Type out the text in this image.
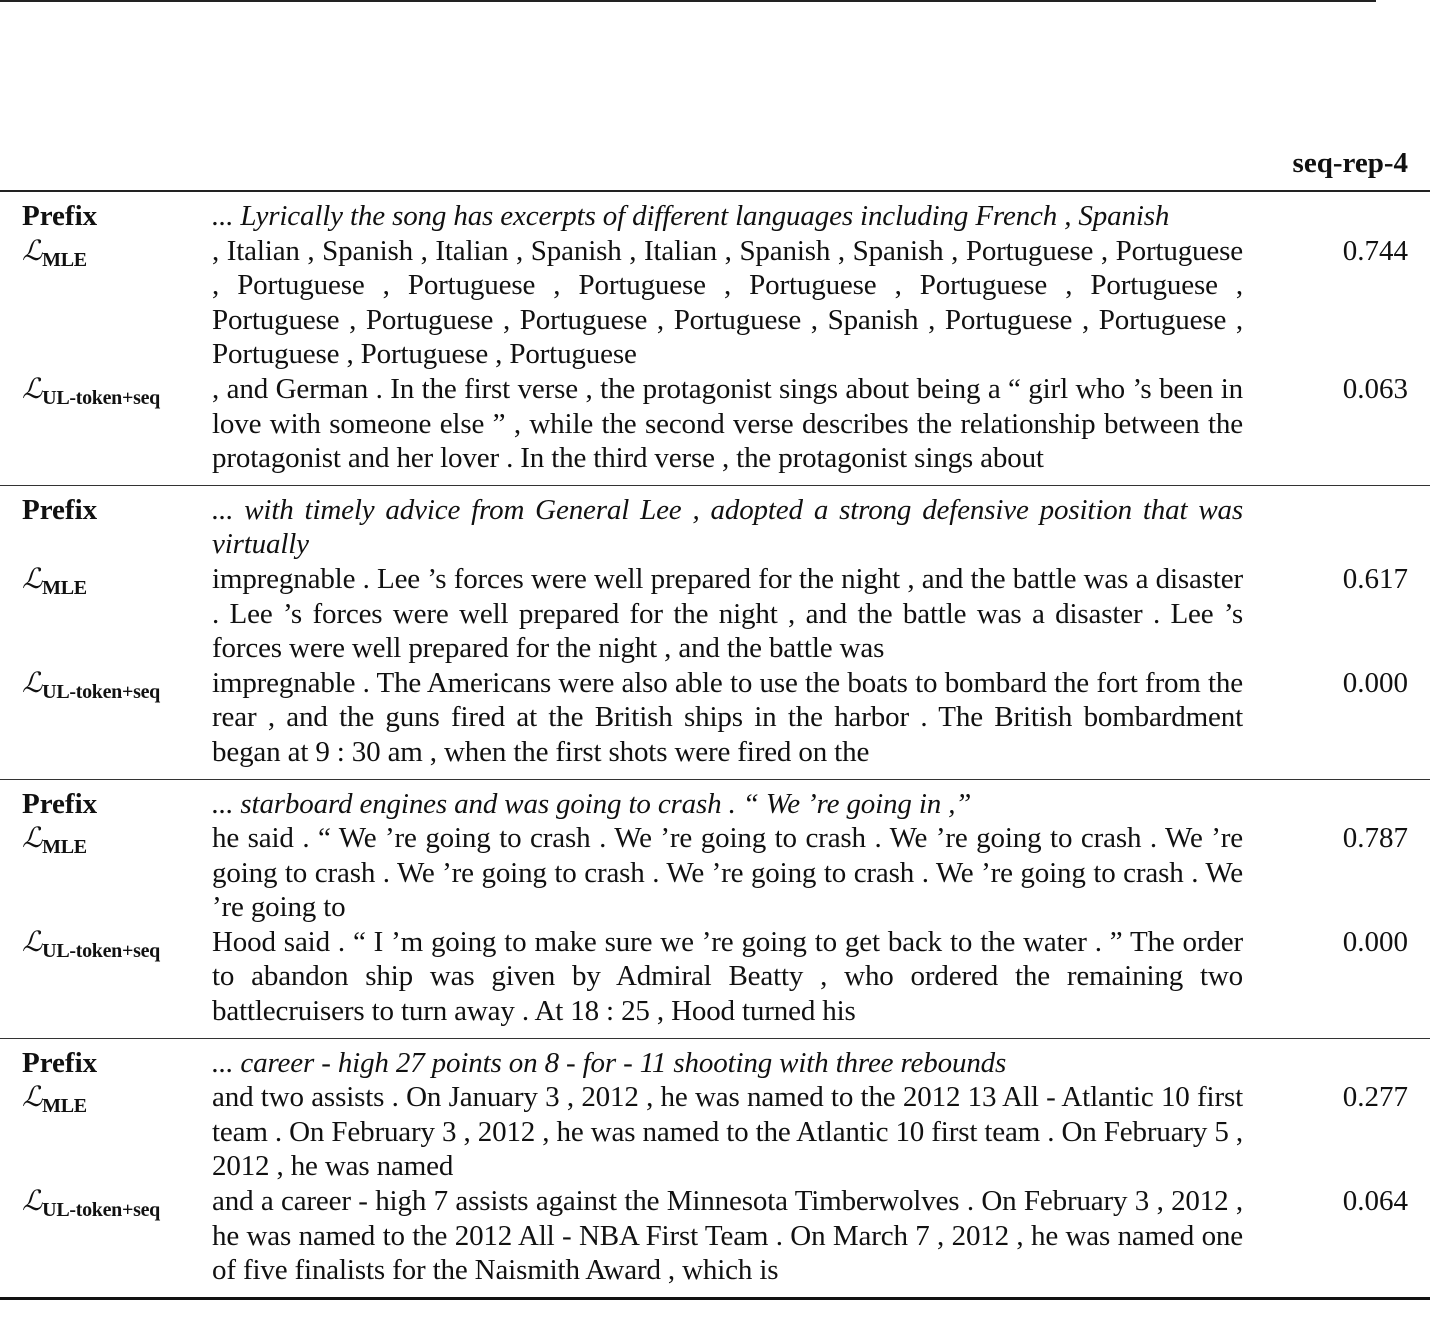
seq-rep-4
Prefix	... Lyrically the song has excerpts of different languages including French , Spanish
ℒ$_{MLE}$	, Italian , Spanish , Italian , Spanish , Italian , Spanish , Spanish , Portuguese , Portuguese , Portuguese , Portuguese , Portuguese , Portuguese , Portuguese , Portuguese , Portuguese , Portuguese , Portuguese , Portuguese , Spanish , Portuguese , Portuguese , Portuguese , Portuguese , Portuguese
0.744
ℒ$_{UL-token+seq}$	, and German . In the first verse , the protagonist sings about being a “ girl who ’s been in love with someone else ” , while the second verse describes the relationship between the protagonist and her lover . In the third verse , the protagonist sings about
0.063
Prefix	... with timely advice from General Lee , adopted a strong defensive position that was virtually
ℒ$_{MLE}$	impregnable . Lee ’s forces were well prepared for the night , and the battle was a disaster . Lee ’s forces were well prepared for the night , and the battle was a disaster . Lee ’s forces were well prepared for the night , and the battle was
0.617
ℒ$_{UL-token+seq}$	impregnable . The Americans were also able to use the boats to bombard the fort from the rear , and the guns fired at the British ships in the harbor . The British bombardment began at 9 : 30 am , when the first shots were fired on the
0.000
Prefix	... starboard engines and was going to crash . “ We ’re going in ,”
ℒ$_{MLE}$	he said . “ We ’re going to crash . We ’re going to crash . We ’re going to crash . We ’re going to crash . We ’re going to crash . We ’re going to crash . We ’re going to crash . We ’re going to
0.787
ℒ$_{UL-token+seq}$	Hood said . “ I ’m going to make sure we ’re going to get back to the water . ” The order to abandon ship was given by Admiral Beatty , who ordered the remaining two battlecruisers to turn away . At 18 : 25 , Hood turned his
0.000
Prefix	... career - high 27 points on 8 - for - 11 shooting with three rebounds
ℒ$_{MLE}$	and two assists . On January 3 , 2012 , he was named to the 2012 13 All - Atlantic 10 first team . On February 3 , 2012 , he was named to the Atlantic 10 first team . On February 5 , 2012 , he was named
0.277
ℒ$_{UL-token+seq}$	and a career - high 7 assists against the Minnesota Timberwolves . On February 3 , 2012 , he was named to the 2012 All - NBA First Team . On March 7 , 2012 , he was named one of five finalists for the Naismith Award , which is
0.064
